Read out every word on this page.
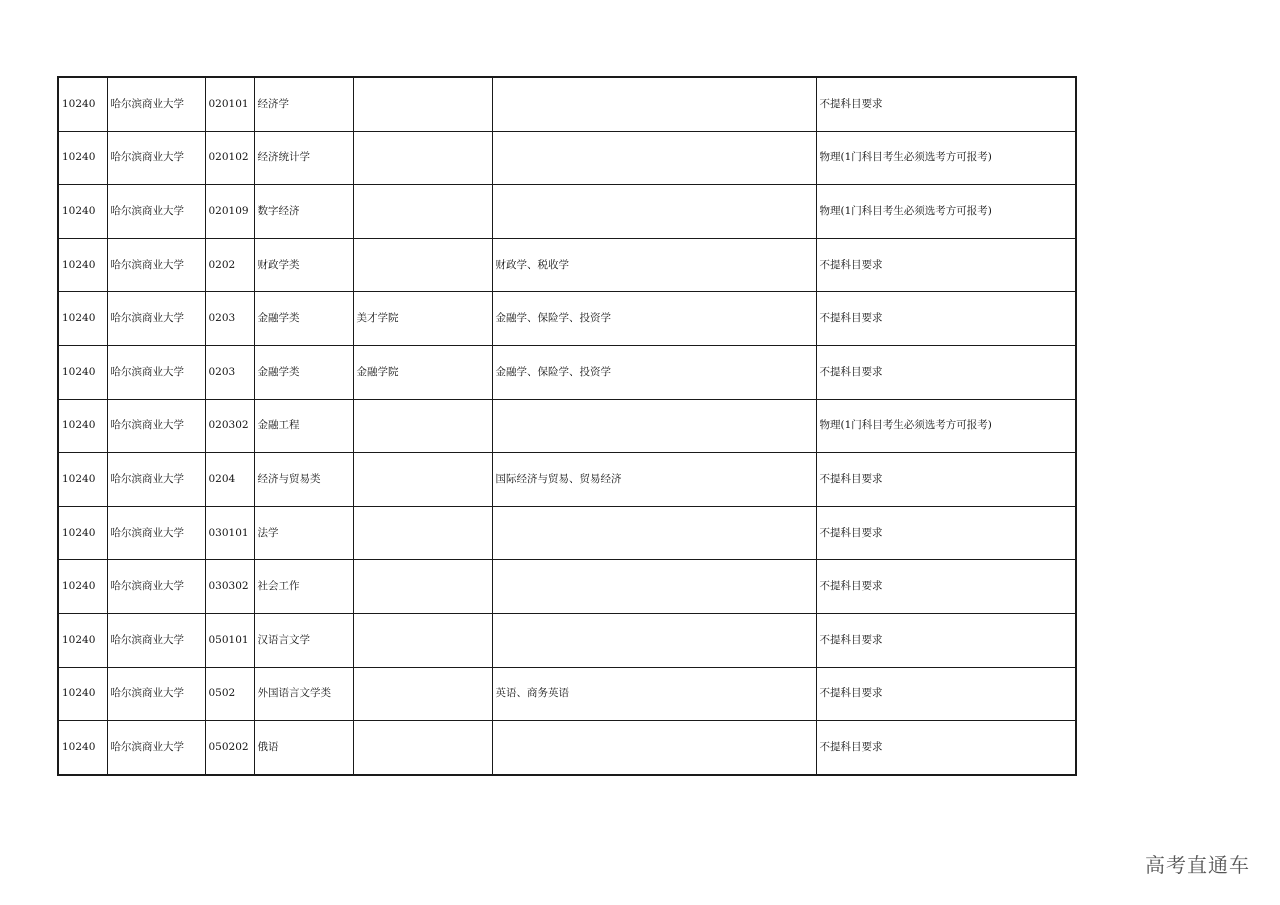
10240	哈尔滨商业大学	020101	经济学			不提科目要求
10240	哈尔滨商业大学	020102	经济统计学			物理(1门科目考生必须选考方可报考)
10240	哈尔滨商业大学	020109	数字经济			物理(1门科目考生必须选考方可报考)
10240	哈尔滨商业大学	0202	财政学类		财政学、税收学	不提科目要求
10240	哈尔滨商业大学	0203	金融学类	美才学院	金融学、保险学、投资学	不提科目要求
10240	哈尔滨商业大学	0203	金融学类	金融学院	金融学、保险学、投资学	不提科目要求
10240	哈尔滨商业大学	020302	金融工程			物理(1门科目考生必须选考方可报考)
10240	哈尔滨商业大学	0204	经济与贸易类		国际经济与贸易、贸易经济	不提科目要求
10240	哈尔滨商业大学	030101	法学			不提科目要求
10240	哈尔滨商业大学	030302	社会工作			不提科目要求
10240	哈尔滨商业大学	050101	汉语言文学			不提科目要求
10240	哈尔滨商业大学	0502	外国语言文学类		英语、商务英语	不提科目要求
10240	哈尔滨商业大学	050202	俄语			不提科目要求
高考直通车
